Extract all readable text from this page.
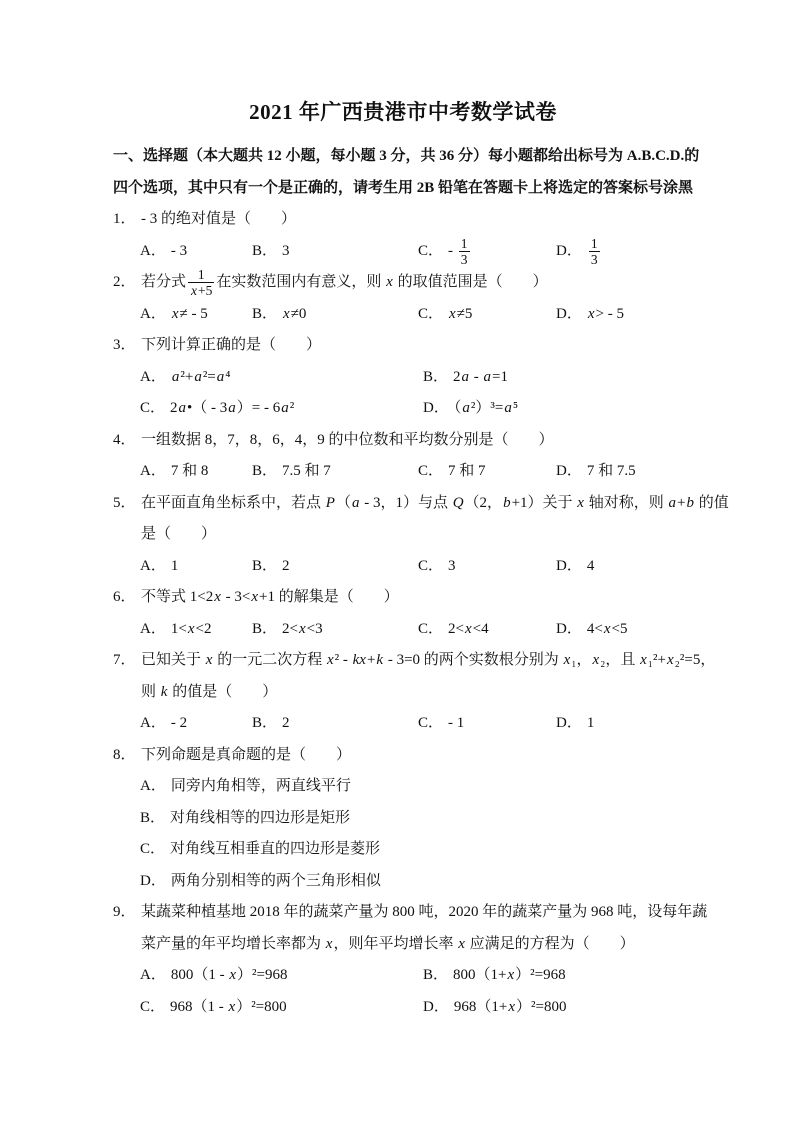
2021 年广西贵港市中考数学试卷
一、选择题（本大题共 12 小题，每小题 3 分，共 36 分）每小题都给出标号为 A.B.C.D.的
四个选项，其中只有一个是正确的，请考生用 2B 铅笔在答题卡上将选定的答案标号涂黑
1． - 3 的绝对值是（　　）
A． - 3	B． 3	C． - $\frac{1}{3}$	D． $\frac{1}{3}$
2． 若分式 $\frac{1}{x+5}$ 在实数范围内有意义，则 x 的取值范围是（　　）
A． x≠ - 5	B． x≠0	C． x≠5	D． x> - 5
3． 下列计算正确的是（　　）
A． a²+a²=a⁴	B． 2a - a=1
C． 2a•（ - 3a）= - 6a²	D． （a²）³=a⁵
4． 一组数据 8，7，8，6，4，9 的中位数和平均数分别是（　　）
A． 7 和 8	B． 7.5 和 7	C． 7 和 7	D． 7 和 7.5
5． 在平面直角坐标系中，若点 P（a - 3，1）与点 Q（2，b+1）关于 x 轴对称，则 a+b 的值
是（　　）
A． 1	B． 2	C． 3	D． 4
6． 不等式 1<2x - 3<x+1 的解集是（　　）
A． 1<x<2	B． 2<x<3	C． 2<x<4	D． 4<x<5
7． 已知关于 x 的一元二次方程 x² - kx+k - 3=0 的两个实数根分别为 x₁，x₂，且 x₁²+x₂²=5，
则 k 的值是（　　）
A． - 2	B． 2	C． - 1	D． 1
8． 下列命题是真命题的是（　　）
A． 同旁内角相等，两直线平行
B． 对角线相等的四边形是矩形
C． 对角线互相垂直的四边形是菱形
D． 两角分别相等的两个三角形相似
9． 某蔬菜种植基地 2018 年的蔬菜产量为 800 吨，2020 年的蔬菜产量为 968 吨，设每年蔬
菜产量的年平均增长率都为 x，则年平均增长率 x 应满足的方程为（　　）
A． 800（1 - x）²=968	B． 800（1+x）²=968
C． 968（1 - x）²=800	D． 968（1+x）²=800
